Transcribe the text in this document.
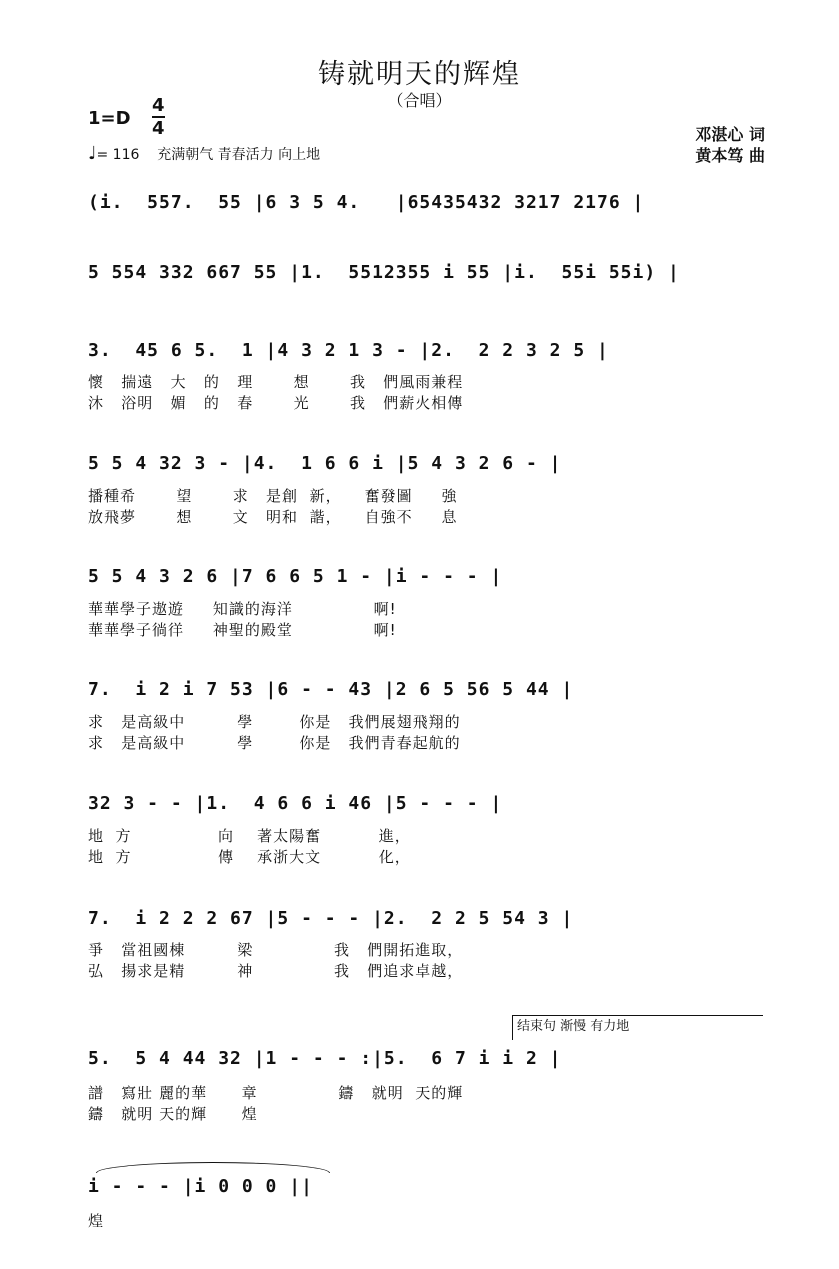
铸就明天的辉煌
（合唱）
1=D
4
4
♩= 116 充满朝气 青春活力 向上地
邓湛心 词
黄本笃 曲
(i.  557.  55 |6 3 5 4.   |65435432 3217 2176 |
5 554 332 667 55 |1.  5512355 i 55 |i.  55i 55i) |
3.  45 6 5.  1 |4 3 2 1 3 - |2.  2 2 3 2 5 |
懷   揣遠   大   的   理       想       我   們風雨兼程
沐   浴明   媚   的   春       光       我   們薪火相傳
5 5 4 32 3 - |4.  1 6 6 i |5 4 3 2 6 - |
播種希       望       求   是創  新，    奮發圖     強
放飛夢       想       文   明和  諧，    自強不     息
5 5 4 3 2 6 |7 6 6 5 1 - |i - - - |
華華學子遨遊     知識的海洋              啊!
華華學子徜徉     神聖的殿堂              啊!
7.  i 2 i 7 53 |6 - - 43 |2 6 5 56 5 44 |
求   是高級中         學        你是   我們展翅飛翔的
求   是高級中         學        你是   我們青春起航的
32 3 - - |1.  4 6 6 i 46 |5 - - - |
地  方               向    著太陽奮          進，
地  方               傳    承浙大文          化，
7.  i 2 2 2 67 |5 - - - |2.  2 2 5 54 3 |
爭   當祖國棟         梁              我   們開拓進取，
弘   揚求是精         神              我   們追求卓越，
结束句 渐慢 有力地
5.  5 4 44 32 |1 - - - :|5.  6 7 i i 2 |
譜   寫壯 麗的華      章              鑄   就明  天的輝
鑄   就明 天的輝      煌
i - - - |i 0 0 0 ||
煌
